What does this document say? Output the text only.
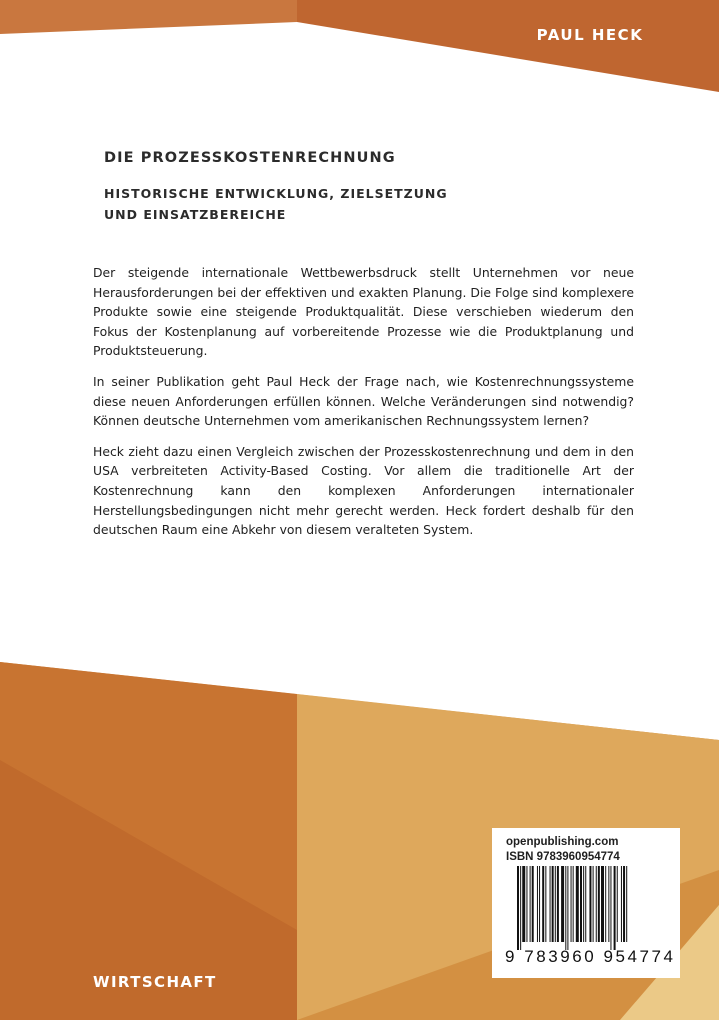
PAUL HECK
DIE PROZESSKOSTENRECHNUNG
HISTORISCHE ENTWICKLUNG, ZIELSETZUNG
UND EINSATZBEREICHE

Der steigende internationale Wettbewerbsdruck stellt Unternehmen vor neue Herausforderungen bei der effektiven und exakten Planung. Die Folge sind komplexere Produkte sowie eine steigende Produktqualität. Diese verschieben wiederum den Fokus der Kostenplanung auf vorbereitende Prozesse wie die Produktplanung und Produktsteuerung.

In seiner Publikation geht Paul Heck der Frage nach, wie Kostenrechnungssysteme diese neuen Anforderungen erfüllen können. Welche Veränderungen sind notwendig? Können deutsche Unternehmen vom amerikanischen Rechnungssystem lernen?

Heck zieht dazu einen Vergleich zwischen der Prozesskostenrechnung und dem in den USA verbreiteten Activity-Based Costing. Vor allem die traditionelle Art der Kostenrechnung kann den komplexen Anforderungen internationaler Herstellungsbedingungen nicht mehr gerecht werden. Heck fordert deshalb für den deutschen Raum eine Abkehr von diesem veralteten System.

WIRTSCHAFT
openpublishing.com
ISBN 9783960954774
9 783960 954774
